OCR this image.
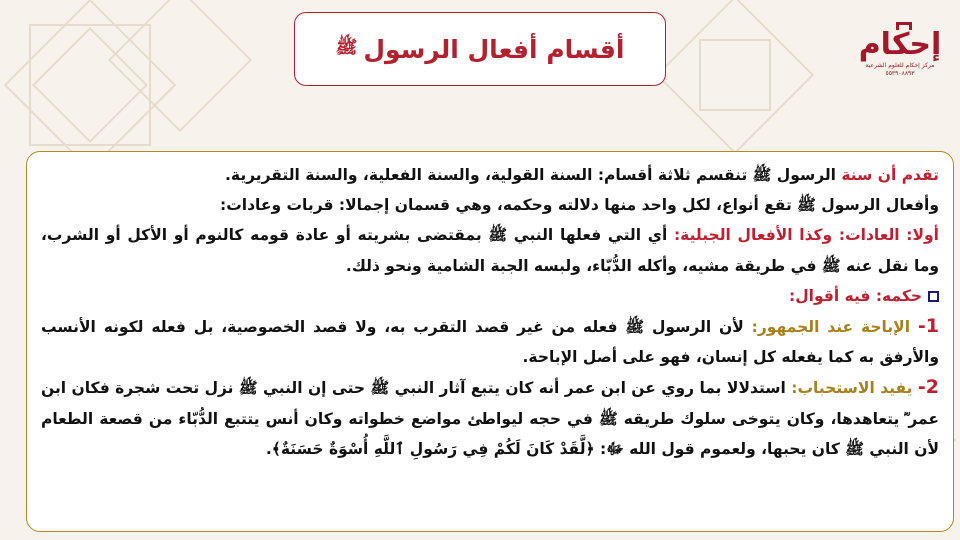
أقسام أفعال الرسول
ﷺ	إحكام
مركز إحكام للعلوم الشرعية
٥٥٣٩٠٨٨٩٣

تقدم أن سنة الرسول ﷺ تنقسم ثلاثة أقسام: السنة القولية، والسنة الفعلية، والسنة التقريرية.

وأفعال الرسول ﷺ تقع أنواع، لكل واحد منها دلالته وحكمه، وهي قسمان إجمالا: قربات وعادات:

أولا: العادات: وكذا الأفعال الجبلية: أي التي فعلها النبي ﷺ بمقتضى بشريته أو عادة قومه كالنوم أو الأكل أو الشرب، وما نقل عنه ﷺ في طريقة مشيه، وأكله الدُّبّاء، ولبسه الجبة الشامية ونحو ذلك.

حكمه: فيه أقوال:

1- الإباحة عند الجمهور: لأن الرسول ﷺ فعله من غير قصد التقرب به، ولا قصد الخصوصية، بل فعله لكونه الأنسب والأرفق به كما يفعله كل إنسان، فهو على أصل الإباحة.

2- يفيد الاستحباب: استدلالا بما روي عن ابن عمر أنه كان يتبع آثار النبي ﷺ حتى إن النبي ﷺ نزل تحت شجرة فكان ابن عمر ؓ يتعاهدها، وكان يتوخى سلوك طريقه ﷺ في حجه ليواطئ مواضع خطواته وكان أنس يتتبع الدُّبّاء من قصعة الطعام لأن النبي ﷺ كان يحبها، ولعموم قول الله ﷻ: ﴿لَّقَدْ كَانَ لَكُمْ فِي رَسُولِ ٱللَّهِ أُسْوَةٌ حَسَنَةٌ﴾.
